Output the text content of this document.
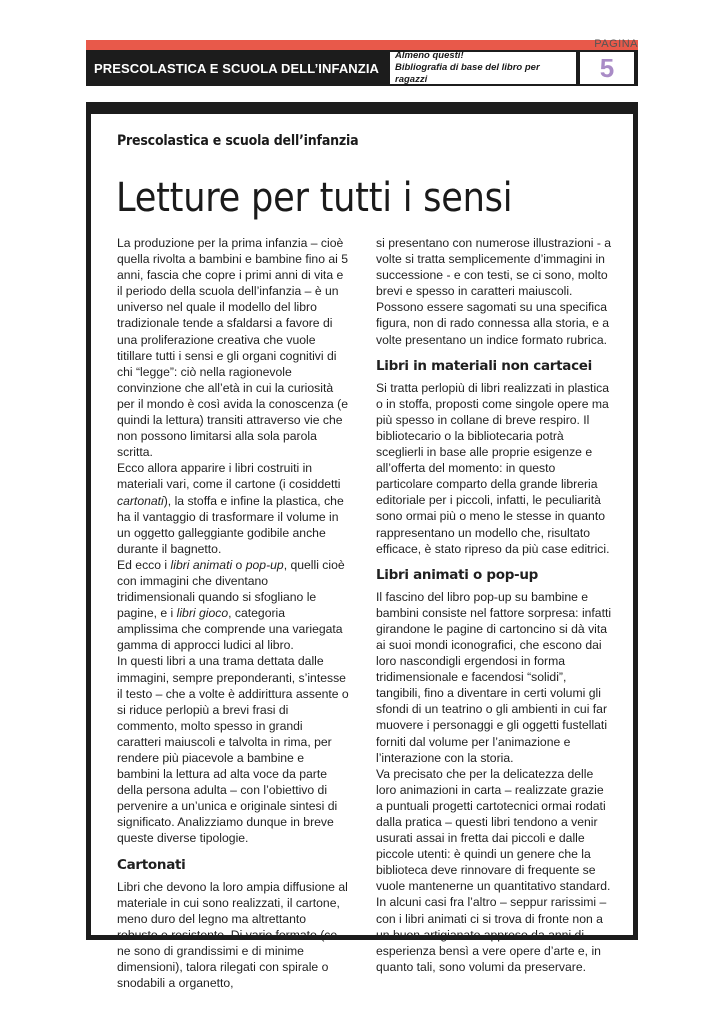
PAGINA
PRESCOLASTICA E SCUOLA DELL’INFANZIA
Almeno questi!
Bibliografia di base del libro per ragazzi	5
Prescolastica e scuola dell’infanzia
Letture per tutti i sensi

La produzione per la prima infanzia – cioè quella rivolta a bambini e bambine fino ai 5 anni, fascia che copre i primi anni di vita e il periodo della scuola dell’infanzia – è un universo nel quale il modello del libro tradizionale tende a sfaldarsi a favore di una proliferazione creativa che vuole titillare tutti i sensi e gli organi cognitivi di chi “legge”: ciò nella ragionevole convinzione che all’età in cui la curiosità per il mondo è così avida la conoscenza (e quindi la lettura) transiti attraverso vie che non possono limitarsi alla sola parola scritta.

Ecco allora apparire i libri costruiti in materiali vari, come il cartone (i cosiddetti cartonati), la stoffa e infine la plastica, che ha il vantaggio di trasformare il volume in un oggetto galleggiante godibile anche durante il bagnetto.

Ed ecco i libri animati o pop-up, quelli cioè con immagini che diventano tridimensionali quando si sfogliano le pagine, e i libri gioco, categoria amplissima che comprende una variegata gamma di approcci ludici al libro.

In questi libri a una trama dettata dalle immagini, sempre preponderanti, s’intesse il testo – che a volte è addirittura assente o si riduce perlopiù a brevi frasi di commento, molto spesso in grandi caratteri maiuscoli e talvolta in rima, per rendere più piacevole a bambine e bambini la lettura ad alta voce da parte della persona adulta – con l’obiettivo di pervenire a un’unica e originale sintesi di significato. Analizziamo dunque in breve queste diverse tipologie.

Cartonati

Libri che devono la loro ampia diffusione al materiale in cui sono realizzati, il cartone, meno duro del legno ma altrettanto robusto e resistente. Di vario formato (ce ne sono di grandissimi e di minime dimensioni), talora rilegati con spirale o snodabili a organetto,

si presentano con numerose illustrazioni - a volte si tratta semplicemente d’immagini in successione - e con testi, se ci sono, molto brevi e spesso in caratteri maiuscoli. Possono essere sagomati su una specifica figura, non di rado connessa alla storia, e a volte presentano un indice formato rubrica.

Libri in materiali non cartacei

Si tratta perlopiù di libri realizzati in plastica o in stoffa, proposti come singole opere ma più spesso in collane di breve respiro. Il bibliotecario o la bibliotecaria potrà sceglierli in base alle proprie esigenze e all’offerta del momento: in questo particolare comparto della grande libreria editoriale per i piccoli, infatti, le peculiarità sono ormai più o meno le stesse in quanto rappresentano un modello che, risultato efficace, è stato ripreso da più case editrici.

Libri animati o pop-up

Il fascino del libro pop-up su bambine e bambini consiste nel fattore sorpresa: infatti girandone le pagine di cartoncino si dà vita ai suoi mondi iconografici, che escono dai loro nascondigli ergendosi in forma tridimensionale e facendosi “solidi”, tangibili, fino a diventare in certi volumi gli sfondi di un teatrino o gli ambienti in cui far muovere i personaggi e gli oggetti fustellati forniti dal volume per l’animazione e l’interazione con la storia.

Va precisato che per la delicatezza delle loro animazioni in carta – realizzate grazie a puntuali progetti cartotecnici ormai rodati dalla pratica – questi libri tendono a venir usurati assai in fretta dai piccoli e dalle piccole utenti: è quindi un genere che la biblioteca deve rinnovare di frequente se vuole mantenerne un quantitativo standard. In alcuni casi fra l’altro – seppur rarissimi – con i libri animati ci si trova di fronte non a un buon artigianato appreso da anni di esperienza bensì a vere opere d’arte e, in quanto tali, sono volumi da preservare.
